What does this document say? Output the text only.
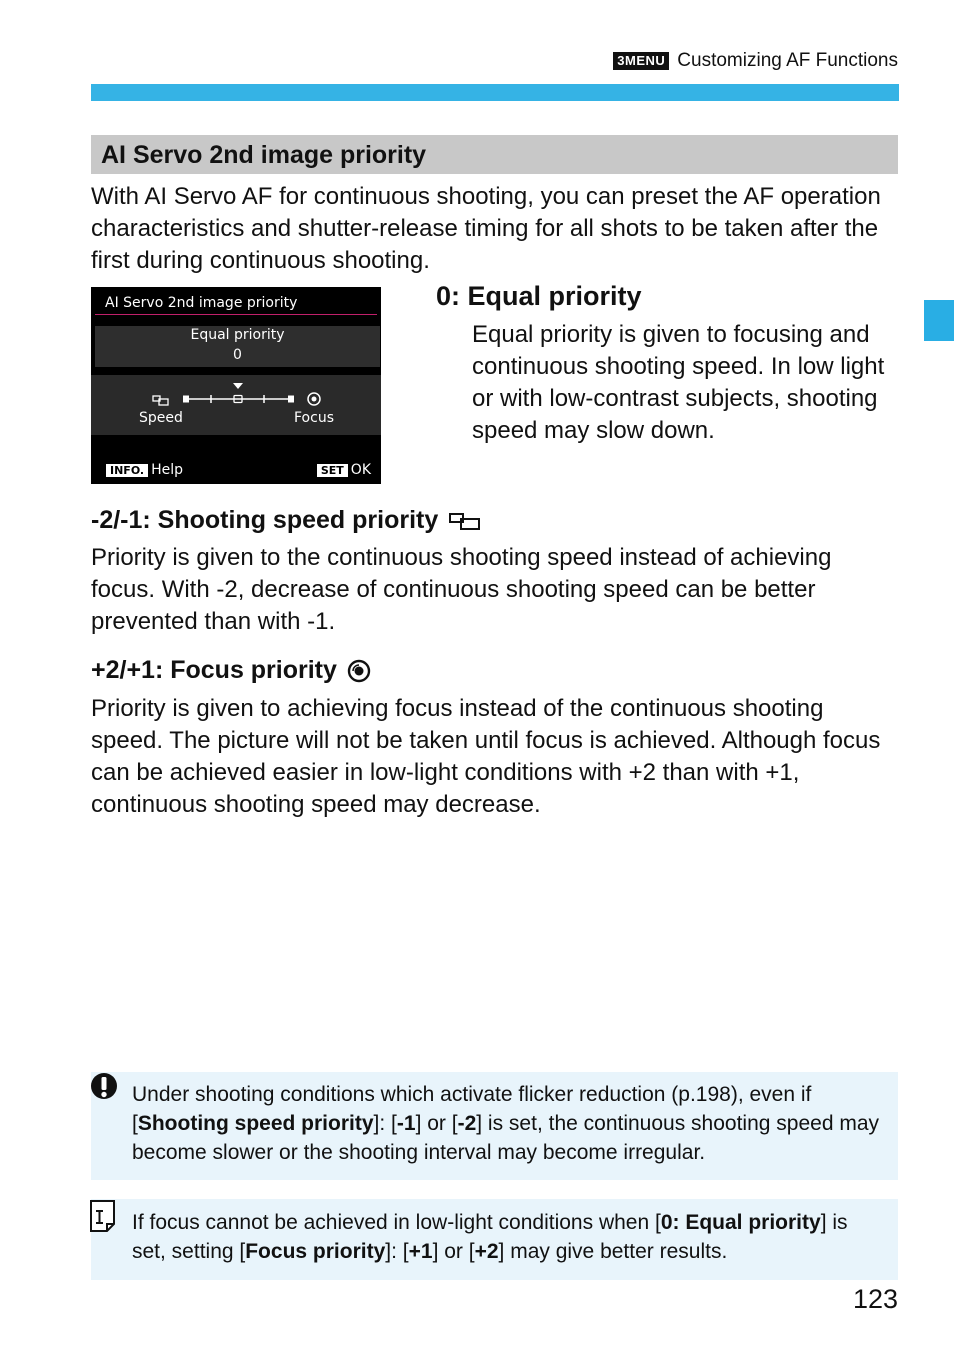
3MENU Customizing AF Functions
AI Servo 2nd image priority
With AI Servo AF for continuous shooting, you can preset the AF operation characteristics and shutter-release timing for all shots to be taken after the first during continuous shooting.
AI Servo 2nd image priority
Equal priority
0
Speed	Focus
INFO. Help	SET OK
0: Equal priority
Equal priority is given to focusing and continuous shooting speed. In low light or with low-contrast subjects, shooting speed may slow down.
-2/-1: Shooting speed priority
Priority is given to the continuous shooting speed instead of achieving focus. With -2, decrease of continuous shooting speed can be better prevented than with -1.
+2/+1: Focus priority
Priority is given to achieving focus instead of the continuous shooting speed. The picture will not be taken until focus is achieved. Although focus can be achieved easier in low-light conditions with +2 than with +1, continuous shooting speed may decrease.
Under shooting conditions which activate flicker reduction (p.198), even if [Shooting speed priority]: [-1] or [-2] is set, the continuous shooting speed may become slower or the shooting interval may become irregular.
If focus cannot be achieved in low-light conditions when [0: Equal priority] is set, setting [Focus priority]: [+1] or [+2] may give better results.
123
